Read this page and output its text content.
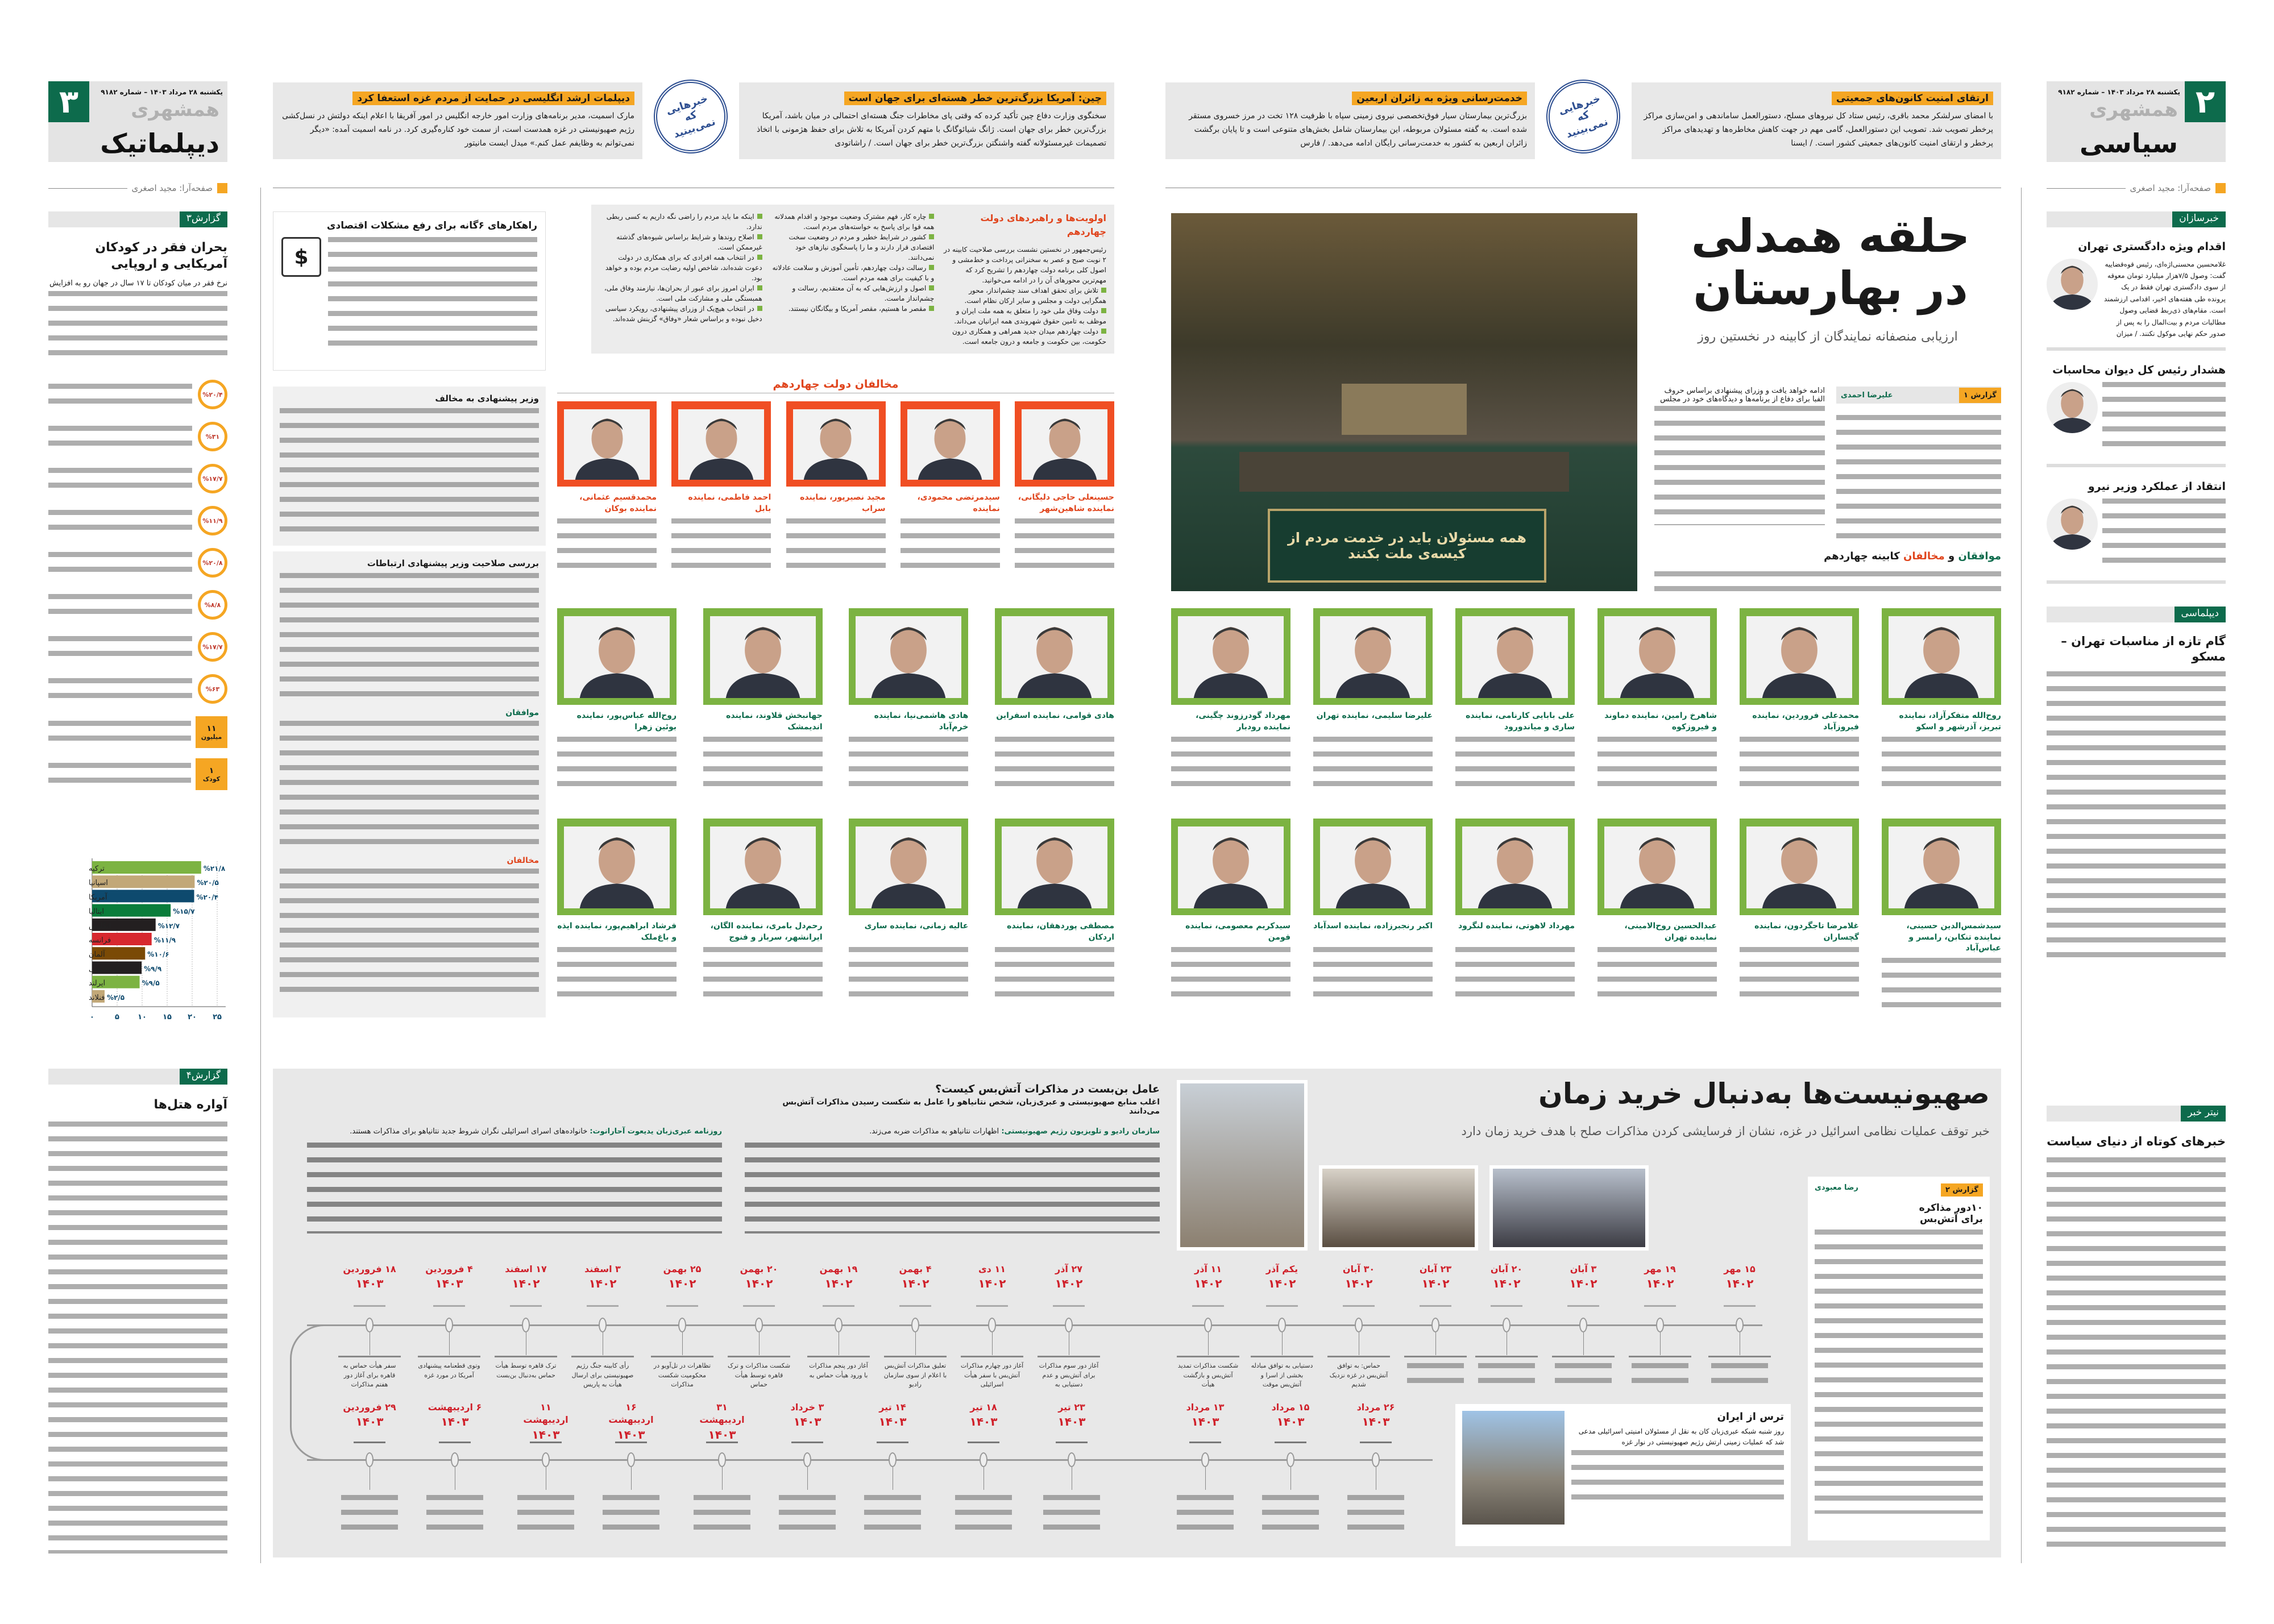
۳	یکشنبه ۲۸ مرداد ۱۴۰۳ – شماره ۹۱۸۲
همشهری
دیپلماتیک
صفحه‌آرا: مجید اصغری
گزارش۳
بحران فقر در کودکان آمریکایی و اروپایی
نرخ فقر در میان کودکان تا ۱۷ سال در جهان رو به افزایش
%۲۰/۴
%۳۱
%۱۷/۷
%۱۱/۹
%۲۰/۸
%۸/۸
%۱۷/۷
%۶۳
۱۱
میلیون
۱
کودک
۰	۵ ۱۰ ۱۵ ۲۰ ۲۵
ترکیه	%۲۱/۸
اسپانیا	%۲۰/۵
آمریکا	%۲۰/۴
ایتالیا	%۱۵/۷
انگلیس	%۱۲/۷
فرانسه	%۱۱/۹
آلمان	%۱۰/۶
کره‌جنوبی	%۹/۹
ایرلند	%۹/۵
فنلاند %۲/۵
گزارش۴
آواره هتل‌ها
دیپلمات ارشد انگلیسی در حمایت از مردم غزه استعفا کرد
مارک اسمیت، مدیر برنامه‌های وزارت امور خارجه انگلیس در امور آفریقا با اعلام اینکه دولتش در نسل‌کشی رژیم صهیونیستی در غزه همدست است، از سمت خود کناره‌گیری کرد. در نامه اسمیت آمده: «دیگر نمی‌توانم به وظایفم عمل کنم.» میدل ایست مانیتور
چین: آمریکا بزرگ‌ترین خطر هسته‌ای برای جهان است
سخنگوی وزارت دفاع چین تأکید کرده که وقتی پای مخاطرات جنگ هسته‌ای احتمالی در میان باشد، آمریکا بزرگ‌ترین خطر برای جهان است. ژانگ شیائوگانگ با متهم کردن آمریکا به تلاش برای حفظ هژمونی با اتخاذ تصمیمات غیرمسئولانه گفته واشنگتن بزرگ‌ترین خطر برای جهان است. / راشاتودی
خبرهایی که نمی‌بینید
راهکارهای ۶گانه برای رفع مشکلات اقتصادی
$
اولویت‌ها و راهبردهای دولت چهاردهم
رئیس‌جمهور در نخستین نشست بررسی صلاحیت کابینه در ۲ نوبت صبح و عصر به سخنرانی پرداخت و خط‌مشی و اصول کلی برنامه دولت چهاردهم را تشریح کرد که مهم‌ترین محورهای آن را در ادامه می‌خوانید.
تلاش برای تحقق اهداف سند چشم‌انداز، محور همگرایی دولت و مجلس و سایر ارکان نظام است.
دولت وفاق ملی خود را متعلق به همه ملت ایران و موظف به تامین حقوق شهروندی همه ایرانیان می‌داند.
دولت چهاردهم میدان جدید همراهی و همکاری درون حکومت، بین حکومت و جامعه و درون جامعه است.
چاره کار، فهم مشترک وضعیت موجود و اقدام همدلانه همه قوا برای پاسخ به خواسته‌های مردم است.
کشور در شرایط خطیر و مردم در وضعیت سخت اقتصادی قرار دارند و ما را پاسخگوی نیازهای خود نمی‌دانند.
رسالت دولت چهاردهم، تأمین آموزش و سلامت عادلانه و با کیفیت برای همه مردم است.
اصول و ارزش‌هایی که به آن معتقدیم، رسالت و چشم‌انداز ماست.
مقصر ما هستیم، مقصر آمریکا و بیگانگان نیستند.
اینکه ما باید مردم را راضی نگه داریم به کسی ربطی ندارد.
اصلاح روندها و شرایط براساس شیوه‌های گذشته غیرممکن است.
در انتخاب همه افرادی که برای همکاری در دولت دعوت شده‌اند، شاخص اولیه رضایت مردم بوده و خواهد بود.
ایران امروز برای عبور از بحران‌ها، نیازمند وفاق ملی، همبستگی ملی و مشارکت ملی است.
در انتخاب هیچ‌یک از وزرای پیشنهادی، رویکرد سیاسی دخیل نبوده و براساس شعار «وفاق» گزینش شده‌اند.
وزیر پیشنهادی به مخالف
بررسی صلاحیت وزیر پیشنهادی ارتباطات
موافقان
مخالفان
مخالفان دولت چهاردهم
حسینعلی حاجی دلیگانی، نماینده شاهین‌شهر
سیدمرتضی محمودی، نماینده
مجید نصیرپور، نماینده سراب
احمد فاطمی، نماینده بابل
محمدقسیم عثمانی، نماینده بوکان
هادی قوامی، نماینده اسفراین
هادی هاشمی‌نیا، نماینده خرم‌آباد
جهانبخش قلاوند، نماینده اندیمشک
روح‌الله عباس‌پور، نماینده بوئین زهرا
مصطفی پوردهقان، نماینده اردکان
عالیه زمانی، نماینده ساری
رحم‌دل بامری، نماینده الگان، ایرانشهر، سرباز و فنوج
فرشاد ابراهیم‌پور، نماینده ایذه و باغ‌ملک
روح‌الله متفکرآزاد، نماینده تبریز، آذرشهر و اسکو
محمدعلی فروردین، نماینده فیروزآباد
شاهرخ رامین، نماینده دماوند و فیروزکوه
علی بابایی کارنامی، نماینده ساری و میاندورود
علیرضا سلیمی، نماینده تهران
مهرداد گودرزوند چگینی، نماینده رودبار
سیدشمس‌الدین حسینی، نماینده تنکابن، رامسر و عباس‌آباد
غلامرضا تاجگردون، نماینده گچساران
عبدالحسین روح‌الامینی، نماینده تهران
مهرداد لاهوتی، نماینده لنگرود
اکبر رنجبرزاده، نماینده اسدآباد
سیدکریم معصومی، نماینده فومن
۲
یکشنبه ۲۸ مرداد ۱۴۰۳ – شماره ۹۱۸۲
همشهری
سیاسی
صفحه‌آرا: مجید اصغری
خبرسازان
اقدام ویژه دادگستری تهران
غلامحسین محسنی‌اژه‌ای، رئیس قوه‌قضاییه گفت: وصول ۷/۵هزار میلیارد تومان معوقه از سوی دادگستری تهران فقط در یک پرونده طی هفته‌های اخیر، اقدامی ارزشمند است. مقام‌های ذی‌ربط قضایی وصول مطالبات مردم و بیت‌المال را به پس از صدور حکم نهایی موکول نکنند. / میزان
هشدار رئیس کل دیوان محاسبات
انتقاد از عملکرد وزیر نیرو
دیپلماسی
گام تازه از مناسبات تهران – مسکو
نیتر خبر
خبرهای کوتاه از دنیای سیاست
خدمت‌رسانی ویژه به زائران اربعین
بزرگ‌ترین بیمارستان سیار فوق‌تخصصی نیروی زمینی سپاه با ظرفیت ۱۲۸ تخت در مرز خسروی مستقر شده است. به گفته مسئولان مربوطه، این بیمارستان شامل بخش‌های متنوعی است و تا پایان برگشت زائران اربعین به کشور به خدمت‌رسانی رایگان ادامه می‌دهد. / فارس
ارتقای امنیت کانون‌های جمعیتی
با امضای سرلشکر محمد باقری، رئیس ستاد کل نیروهای مسلح، دستورالعمل ساماندهی و امن‌سازی مراکز پرخطر تصویب شد. تصویب این دستورالعمل، گامی مهم در جهت کاهش مخاطره‌ها و تهدیدهای مراکز پرخطر و ارتقای امنیت کانون‌های جمعیتی کشور است. / ایسنا
خبرهایی که نمی‌بینید
همه مسئولان باید در خدمت مردم از کیسه‌ی ملت بکنند
حلقه همدلی
در بهارستان
ارزیابی منصفانه نمایندگان از کابینه در نخستین روز
ادامه خواهد یافت و وزرای پیشنهادی براساس حروف الفبا برای دفاع از برنامه‌ها و دیدگاه‌های خود در مجلس	گزارش ۱
علیرضا احمدی
موافقان و مخالفان کابینه چهاردهم
صهیونیست‌ها به‌دنبال خرید زمان
خبر توقف عملیات نظامی اسرائیل در غزه، نشان از فرسایشی کردن مذاکرات صلح با هدف خرید زمان دارد
گزارش ۲
رضا معبودی
۱۰دور مذاکره برای آتش‌بس
عامل بن‌بست در مذاکرات آتش‌بس کیست؟
اغلب منابع صهیونیستی و عبری‌زبان، شخص نتانیاهو را عامل به شکست رسیدن مذاکرات آتش‌بس می‌دانند
سازمان رادیو و تلویزیون رژیم صهیونیستی: اظهارات نتانیاهو به مذاکرات ضربه می‌زند.
روزنامه عبری‌زبان یدیعوت آحارانوت: خانواده‌های اسرای اسرائیلی نگران شروط جدید نتانیاهو برای مذاکرات هستند.
ترس از ایران
روز شنبه شبکه عبری‌زبان کان به نقل از مسئولان امنیتی اسرائیلی مدعی شد که عملیات زمینی ارتش رژیم صهیونیستی در نوار غزه
۱۵ مهر
۱۴۰۲
۱۹ مهر
۱۴۰۲
۳ آبان
۱۴۰۲
۲۰ آبان
۱۴۰۲
۲۳ آبان
۱۴۰۲
۳۰ آبان
۱۴۰۲
حماس: به توافق آتش‌بس در غزه نزدیک شدیم
یکم آذر
۱۴۰۲
دستیابی به توافق مبادله بخشی از اسرا و آتش‌بس موقت
۱۱ آذر
۱۴۰۲
شکست مذاکرات تمدید آتش‌بس و بازگشت هیأت
۲۷ آذر
۱۴۰۲
آغاز دور سوم مذاکرات برای آتش‌بس و عدم دستیابی به
۱۱ دی
۱۴۰۲
آغاز دور چهارم مذاکرات آتش‌بس با سفر هیأت اسرائیلی
۴ بهمن
۱۴۰۲
تعلیق مذاکرات آتش‌بس با اعلام از سوی سازمان رادیو
۱۹ بهمن
۱۴۰۲
آغاز دور پنجم مذاکرات با ورود هیأت حماس به
۲۰ بهمن
۱۴۰۲
شکست مذاکرات و ترک قاهره توسط هیأت حماس
۲۵ بهمن
۱۴۰۲
تظاهرات در تل‌آویو در محکومیت شکست مذاکرات
۳ اسفند
۱۴۰۲
رأی کابینه جنگ رژیم صهیونیستی برای ارسال هیأت به پاریس
۱۷ اسفند
۱۴۰۲
ترک قاهره توسط هیأت حماس به‌دنبال بن‌بست
۴ فروردین
۱۴۰۳
وتوی قطعنامه پیشنهادی آمریکا در مورد غزه
۱۸ فروردین
۱۴۰۳
سفر هیأت حماس به قاهره برای آغاز دور هفتم مذاکرات
۲۶ مرداد
۱۴۰۳
۱۵ مرداد
۱۴۰۳
۱۳ مرداد
۱۴۰۳
۲۳ تیر
۱۴۰۳
۱۸ تیر
۱۴۰۳
۱۴ تیر
۱۴۰۳
۳ خرداد
۱۴۰۳
۳۱ اردیبهشت
۱۴۰۳
۱۶ اردیبهشت
۱۴۰۳
۱۱ اردیبهشت
۱۴۰۳
۶ اردیبهشت
۱۴۰۳
۲۹ فروردین
۱۴۰۳
